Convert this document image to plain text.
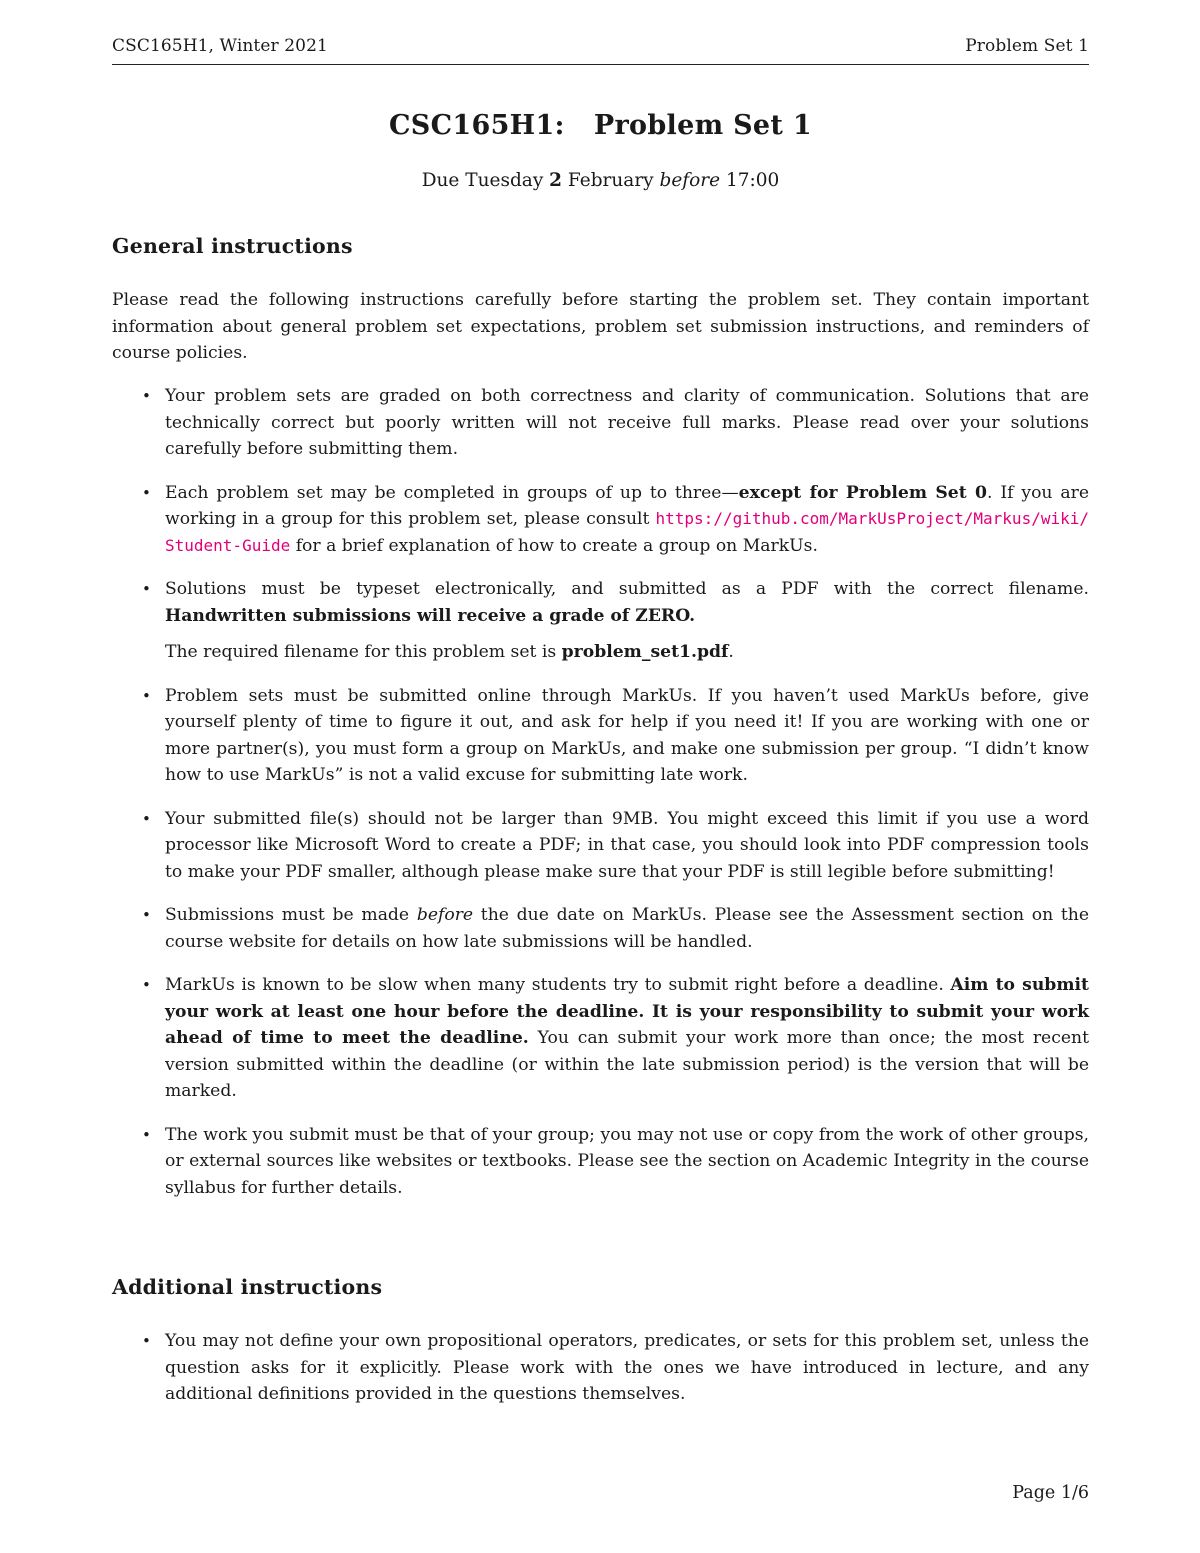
CSC165H1, Winter 2021	Problem Set 1
CSC165H1:   Problem Set 1
Due Tuesday 2 February before 17:00
General instructions

Please read the following instructions carefully before starting the problem set. They contain important information about general problem set expectations, problem set submission instructions, and reminders of course policies.

• Your problem sets are graded on both correctness and clarity of communication. Solutions that are technically correct but poorly written will not receive full marks. Please read over your solutions carefully before submitting them.
• Each problem set may be completed in groups of up to three—except for Problem Set 0. If you are working in a group for this problem set, please consult https://github.com/MarkUsProject/Markus/wiki/Student-Guide for a brief explanation of how to create a group on MarkUs.
• Solutions must be typeset electronically, and submitted as a PDF with the correct filename. Handwritten submissions will receive a grade of ZERO.
The required filename for this problem set is problem_set1.pdf.
• Problem sets must be submitted online through MarkUs. If you haven’t used MarkUs before, give yourself plenty of time to figure it out, and ask for help if you need it! If you are working with one or more partner(s), you must form a group on MarkUs, and make one submission per group. “I didn’t know how to use MarkUs” is not a valid excuse for submitting late work.
• Your submitted file(s) should not be larger than 9MB. You might exceed this limit if you use a word processor like Microsoft Word to create a PDF; in that case, you should look into PDF compression tools to make your PDF smaller, although please make sure that your PDF is still legible before submitting!
• Submissions must be made before the due date on MarkUs. Please see the Assessment section on the course website for details on how late submissions will be handled.
• MarkUs is known to be slow when many students try to submit right before a deadline. Aim to submit your work at least one hour before the deadline. It is your responsibility to submit your work ahead of time to meet the deadline. You can submit your work more than once; the most recent version submitted within the deadline (or within the late submission period) is the version that will be marked.
• The work you submit must be that of your group; you may not use or copy from the work of other groups, or external sources like websites or textbooks. Please see the section on Academic Integrity in the course syllabus for further details.
Additional instructions
• You may not define your own propositional operators, predicates, or sets for this problem set, unless the question asks for it explicitly. Please work with the ones we have introduced in lecture, and any additional definitions provided in the questions themselves.
Page 1/6
